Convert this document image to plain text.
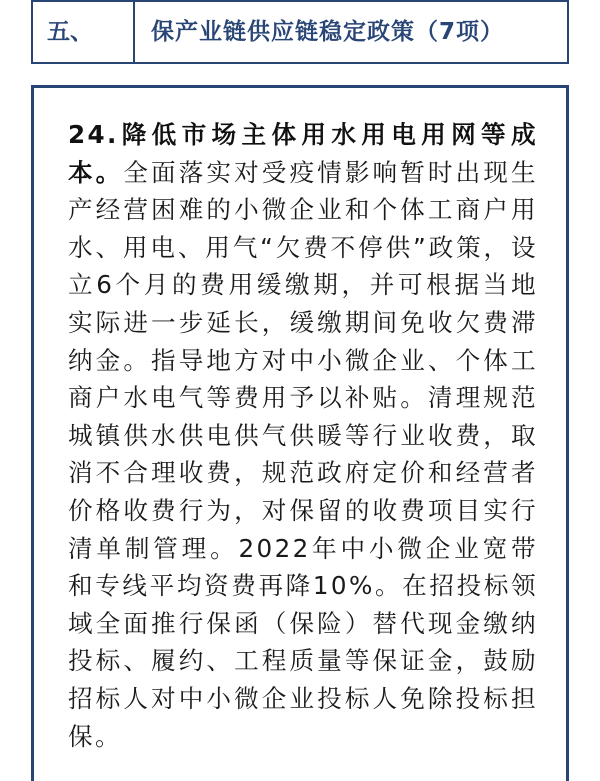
五、	保产业链供应链稳定政策（7项）

24.降低市场主体用水用电用网等成本。全面落实对受疫情影响暂时出现生产经营困难的小微企业和个体工商户用水、用电、用气“欠费不停供”政策，设立6个月的费用缓缴期，并可根据当地实际进一步延长，缓缴期间免收欠费滞纳金。指导地方对中小微企业、个体工商户水电气等费用予以补贴。清理规范城镇供水供电供气供暖等行业收费，取消不合理收费，规范政府定价和经营者价格收费行为，对保留的收费项目实行清单制管理。2022年中小微企业宽带和专线平均资费再降10%。在招投标领域全面推行保函（保险）替代现金缴纳投标、履约、工程质量等保证金，鼓励招标人对中小微企业投标人免除投标担保。
